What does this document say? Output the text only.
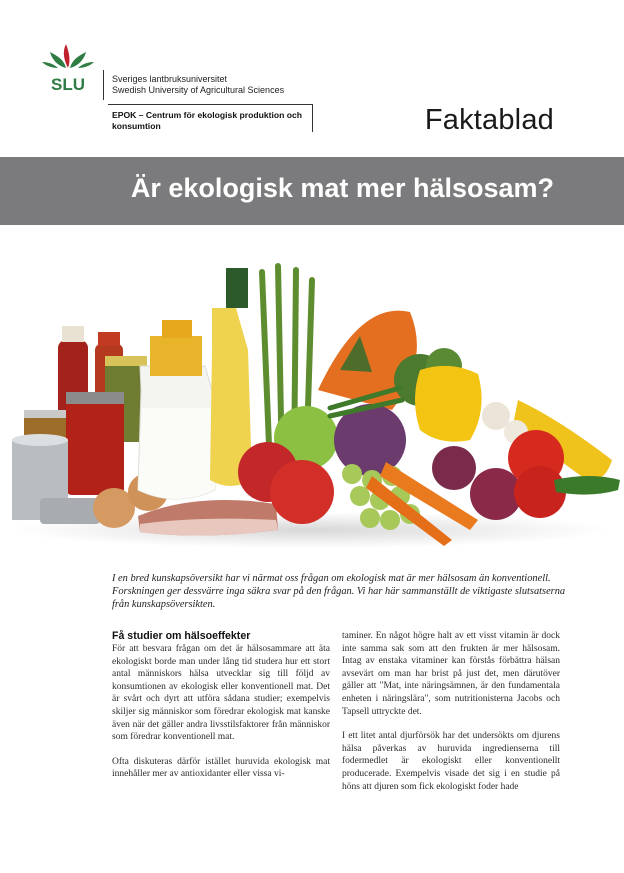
SLU	Sveriges lantbruksuniversitet
Swedish University of Agricultural Sciences
EPOK – Centrum för ekologisk produktion och konsumtion	Faktablad
Är ekologisk mat mer hälsosam?
I en bred kunskapsöversikt har vi närmat oss frågan om ekologisk mat är mer hälsosam än konventionell. Forskningen ger dessvärre inga säkra svar på den frågan. Vi har här sammanställt de viktigaste slutsatserna från kunskapsöversikten.
Få studier om hälsoeffekter

För att besvara frågan om det är hälsosammare att äta ekologiskt borde man under lång tid studera hur ett stort antal människors hälsa utvecklar sig till följd av konsumtionen av ekologisk eller konventionell mat. Det är svårt och dyrt att utföra sådana studier; exempelvis skiljer sig människor som föredrar ekologisk mat kanske även när det gäller andra livsstilsfaktorer från människor som föredrar konventionell mat.

Ofta diskuteras därför istället huruvida ekologisk mat innehåller mer av antioxidanter eller vissa vi-

taminer. En något högre halt av ett visst vitamin är dock inte samma sak som att den frukten är mer hälsosam. Intag av enstaka vitaminer kan förstås förbättra hälsan avsevärt om man har brist på just det, men därutöver gäller att "Mat, inte näringsämnen, är den fundamentala enheten i näringslära", som nutritionisterna Jacobs och Tapsell uttryckte det.

I ett litet antal djurförsök har det undersökts om djurens hälsa påverkas av huruvida ingredienserna till fodermedlet är ekologiskt eller konventionellt producerade. Exempelvis visade det sig i en studie på höns att djuren som fick ekologiskt foder hade
